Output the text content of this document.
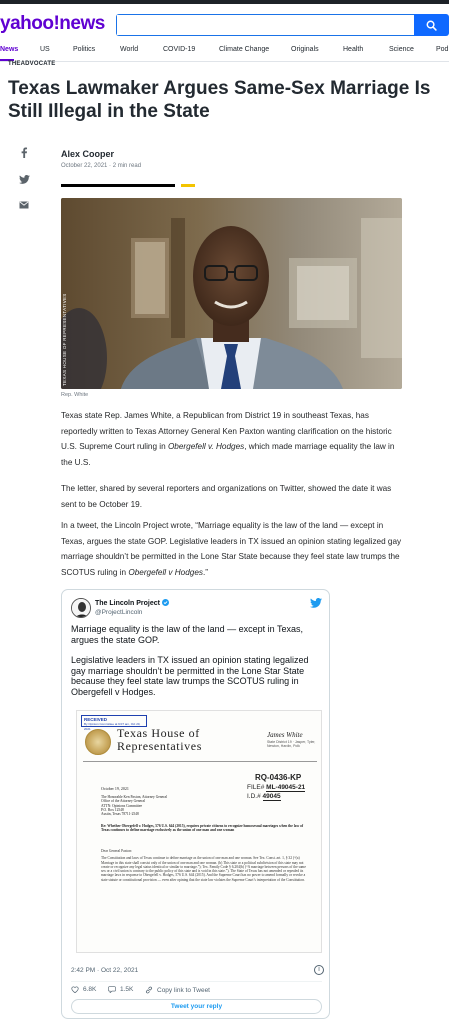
yahoo!news
News	US	Politics	World	COVID-19	Climate Change	Originals	Health	Science	Pod
THEADVOCATE
Texas Lawmaker Argues Same-Sex Marriage Is Still Illegal in the State
Alex Cooper
October 22, 2021 · 2 min read
TEXAS HOUSE OF REPRESENTATIVES
Rep. White

Texas state Rep. James White, a Republican from District 19 in southeast Texas, has reportedly written to Texas Attorney General Ken Paxton wanting clarification on the historic U.S. Supreme Court ruling in Obergefell v. Hodges, which made marriage equality the law in the U.S.

The letter, shared by several reporters and organizations on Twitter, showed the date it was sent to be October 19.

In a tweet, the Lincoln Project wrote, “Marriage equality is the law of the land — except in Texas, argues the state GOP. Legislative leaders in TX issued an opinion stating legalized gay marriage shouldn’t be permitted in the Lone Star State because they feel state law trumps the SCOTUS ruling in Obergefell v Hodges.”

The Lincoln Project
@ProjectLincoln
Marriage equality is the law of the land — except in Texas, argues the state GOP.
Legislative leaders in TX issued an opinion stating legalized gay marriage shouldn’t be permitted in the Lone Star State because they feel state law trumps the SCOTUS ruling in Obergefell v Hodges.
RECEIVED
By Opinion Committee at 9:07 am, Oct 20, 2021	Texas House of
Representatives
James White
State District 19 · Jasper, Tyler, Newton, Hardin, Polk
RQ-0436-KP
FILE# ML-49045-21
I.D.# 49045
October 19, 2021
The Honorable Ken Paxton, Attorney General
Office of the Attorney General
ATTN: Opinions Committee
P.O. Box 12548
Austin, Texas 78711-2548
Re: Whether Obergefell v. Hodges, 576 U.S. 644 (2015), requires private citizens to recognize homosexual marriages when the law of Texas continues to define marriage exclusively as the union of one man and one woman
Dear General Paxton:
The Constitution and laws of Texas continue to define marriage as the union of one man and one woman. See Tex. Const. art. 1, § 32 (“(a) Marriage in this state shall consist only of the union of one man and one woman. (b) This state or a political subdivision of this state may not create or recognize any legal status identical or similar to marriage.”); Tex. Family Code § 6.204(b) (“A marriage between persons of the same sex or a civil union is contrary to the public policy of this state and is void in this state.”). The State of Texas has not amended or repealed its marriage laws in response to Obergefell v. Hodges, 576 U.S. 644 (2015). And the Supreme Court has no power to amend formally or revoke a state statute or constitutional provision — even after opining that the state law violates the Supreme Court’s interpretation of the Constitution.
2:42 PM · Oct 22, 2021	i
6.8K	1.5K	Copy link to Tweet
Tweet your reply
